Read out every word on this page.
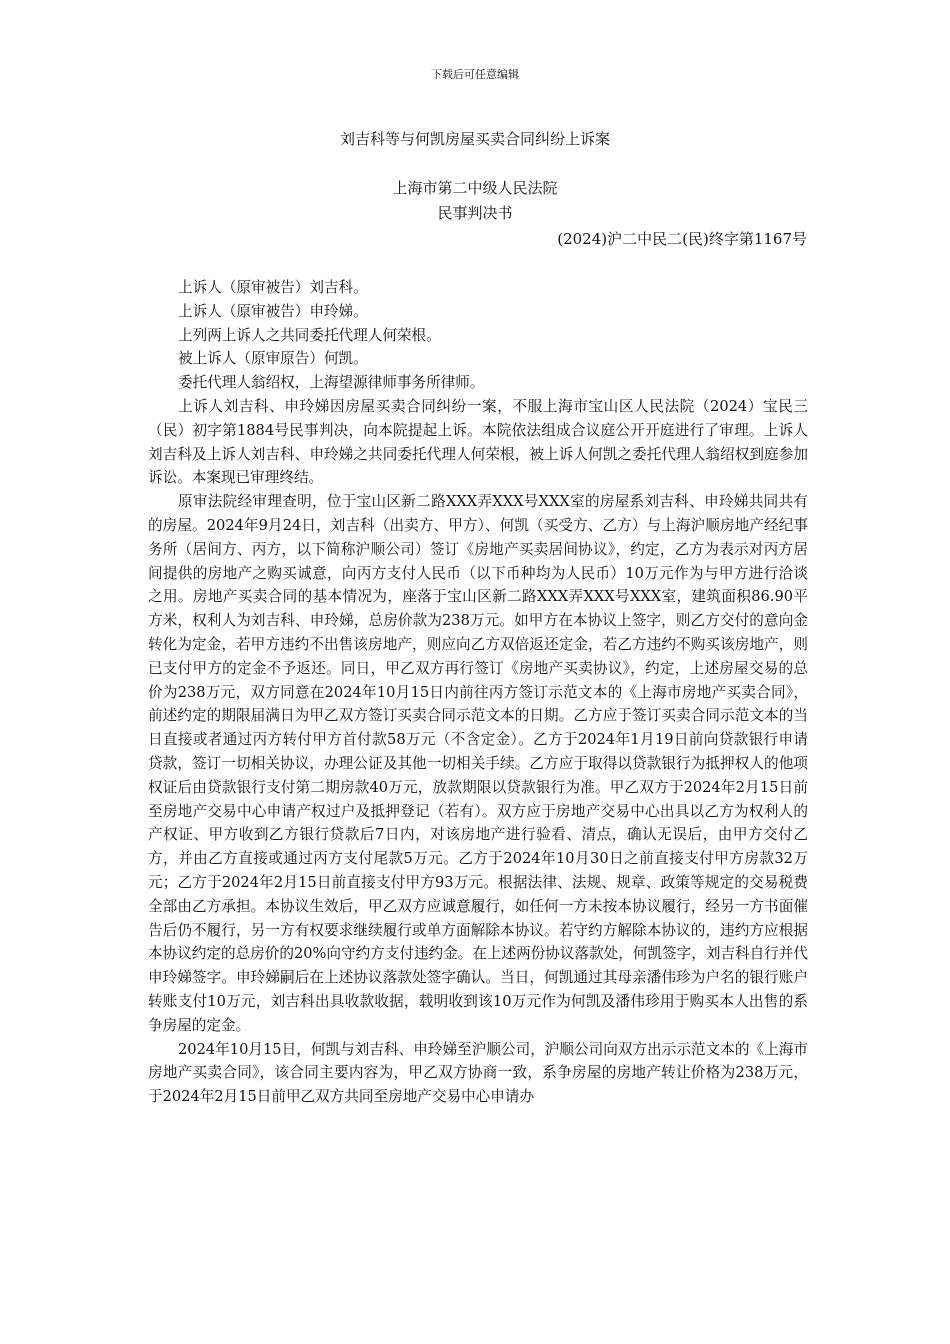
下载后可任意编辑
刘吉科等与何凯房屋买卖合同纠纷上诉案
上海市第二中级人民法院
民事判决书
(2024)沪二中民二(民)终字第1167号

上诉人（原审被告）刘吉科。

上诉人（原审被告）申玲娣。

上列两上诉人之共同委托代理人何荣根。

被上诉人（原审原告）何凯。

委托代理人翁绍权，上海望源律师事务所律师。

上诉人刘吉科、申玲娣因房屋买卖合同纠纷一案，不服上海市宝山区人民法院（2024）宝民三（民）初字第1884号民事判决，向本院提起上诉。本院依法组成合议庭公开开庭进行了审理。上诉人刘吉科及上诉人刘吉科、申玲娣之共同委托代理人何荣根，被上诉人何凯之委托代理人翁绍权到庭参加诉讼。本案现已审理终结。

原审法院经审理查明，位于宝山区新二路XXX弄XXX号XXX室的房屋系刘吉科、申玲娣共同共有的房屋。2024年9月24日，刘吉科（出卖方、甲方）、何凯（买受方、乙方）与上海沪顺房地产经纪事务所（居间方、丙方，以下简称沪顺公司）签订《房地产买卖居间协议》，约定，乙方为表示对丙方居间提供的房地产之购买诚意，向丙方支付人民币（以下币种均为人民币）10万元作为与甲方进行洽谈之用。房地产买卖合同的基本情况为，座落于宝山区新二路XXX弄XXX号XXX室，建筑面积86.90平方米，权利人为刘吉科、申玲娣，总房价款为238万元。如甲方在本协议上签字，则乙方交付的意向金转化为定金，若甲方违约不出售该房地产，则应向乙方双倍返还定金，若乙方违约不购买该房地产，则已支付甲方的定金不予返还。同日，甲乙双方再行签订《房地产买卖协议》，约定，上述房屋交易的总价为238万元，双方同意在2024年10月15日内前往丙方签订示范文本的《上海市房地产买卖合同》，前述约定的期限届满日为甲乙双方签订买卖合同示范文本的日期。乙方应于签订买卖合同示范文本的当日直接或者通过丙方转付甲方首付款58万元（不含定金）。乙方于2024年1月19日前向贷款银行申请贷款，签订一切相关协议，办理公证及其他一切相关手续。乙方应于取得以贷款银行为抵押权人的他项权证后由贷款银行支付第二期房款40万元，放款期限以贷款银行为准。甲乙双方于2024年2月15日前至房地产交易中心申请产权过户及抵押登记（若有）。双方应于房地产交易中心出具以乙方为权利人的产权证、甲方收到乙方银行贷款后7日内，对该房地产进行验看、清点，确认无误后，由甲方交付乙方，并由乙方直接或通过丙方支付尾款5万元。乙方于2024年10月30日之前直接支付甲方房款32万元；乙方于2024年2月15日前直接支付甲方93万元。根据法律、法规、规章、政策等规定的交易税费全部由乙方承担。本协议生效后，甲乙双方应诚意履行，如任何一方未按本协议履行，经另一方书面催告后仍不履行，另一方有权要求继续履行或单方面解除本协议。若守约方解除本协议的，违约方应根据本协议约定的总房价的20%向守约方支付违约金。在上述两份协议落款处，何凯签字，刘吉科自行并代申玲娣签字。申玲娣嗣后在上述协议落款处签字确认。当日，何凯通过其母亲潘伟珍为户名的银行账户转账支付10万元，刘吉科出具收款收据，载明收到该10万元作为何凯及潘伟珍用于购买本人出售的系争房屋的定金。

2024年10月15日，何凯与刘吉科、申玲娣至沪顺公司，沪顺公司向双方出示示范文本的《上海市房地产买卖合同》，该合同主要内容为，甲乙双方协商一致，系争房屋的房地产转让价格为238万元，于2024年2月15日前甲乙双方共同至房地产交易中心申请办
